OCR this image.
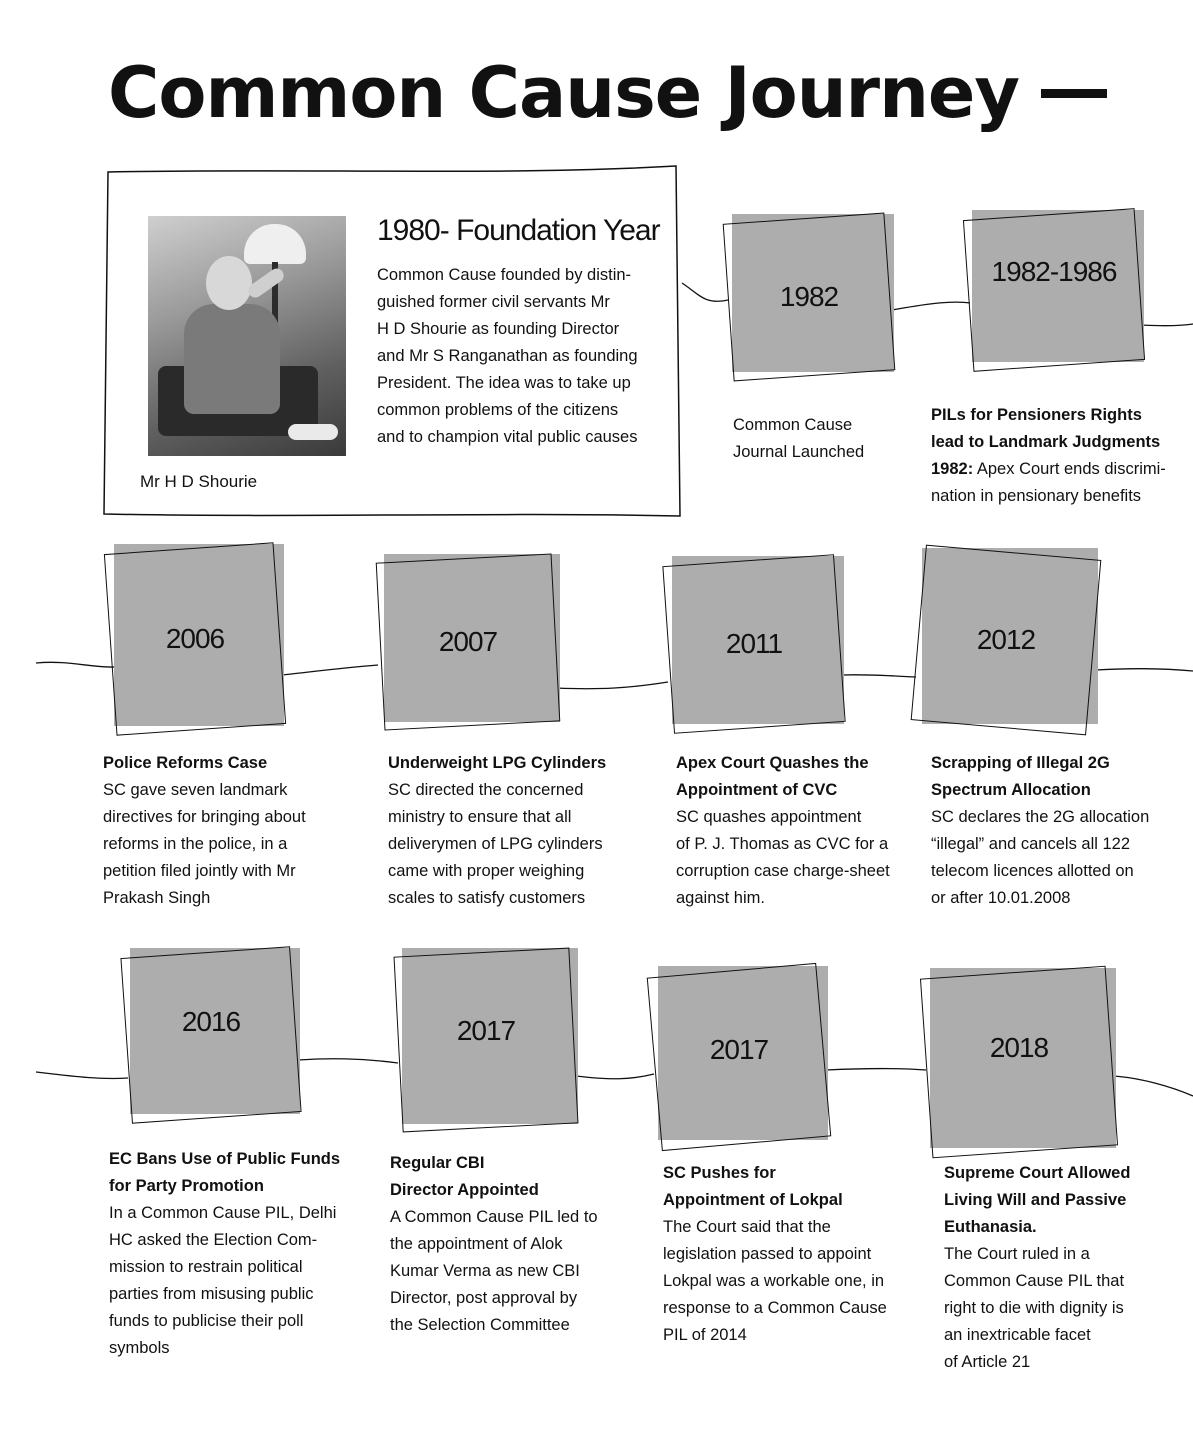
Common Cause Journey
Mr H D Shourie
1980- Foundation Year
Common Cause founded by distin-
guished former civil servants Mr
H D Shourie as founding Director
and Mr S Ranganathan as founding
President. The idea was to take up
common problems of the citizens
and to champion vital public causes
1982
Common Cause
Journal Launched
1982-1986
PILs for Pensioners Rights
lead to Landmark Judgments
1982: Apex Court ends discrimi-
nation in pensionary benefits
2006
Police Reforms Case
SC gave seven landmark
directives for bringing about
reforms in the police, in a
petition filed jointly with Mr
Prakash Singh
2007
Underweight LPG Cylinders
SC directed the concerned
ministry to ensure that all
deliverymen of LPG cylinders
came with proper weighing
scales to satisfy customers
2011
Apex Court Quashes the
Appointment of CVC
SC quashes appointment
of P. J. Thomas as CVC for a
corruption case charge-sheet
against him.
2012
Scrapping of Illegal 2G
Spectrum Allocation
SC declares the 2G allocation
“illegal” and cancels all 122
telecom licences allotted on
or after 10.01.2008
2016
EC Bans Use of Public Funds
for Party Promotion
In a Common Cause PIL, Delhi
HC asked the Election Com-
mission to restrain political
parties from misusing public
funds to publicise their poll
symbols
2017
Regular CBI
Director Appointed
A Common Cause PIL led to
the appointment of Alok
Kumar Verma as new CBI
Director, post approval by
the Selection Committee
2017
SC Pushes for
Appointment of Lokpal
The Court said that the
legislation passed to appoint
Lokpal was a workable one, in
response to a Common Cause
PIL of 2014
2018
Supreme Court Allowed
Living Will and Passive
Euthanasia.
The Court ruled in a
Common Cause PIL that
right to die with dignity is
an inextricable facet
of Article 21
